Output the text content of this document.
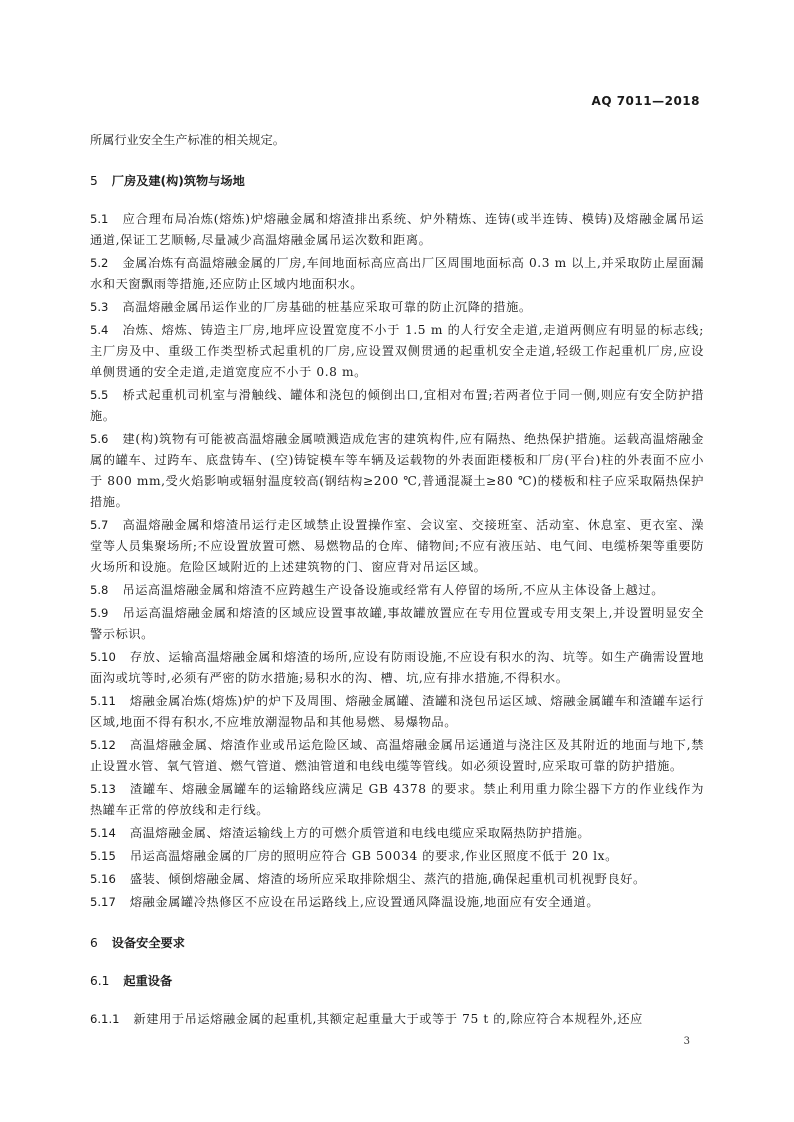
AQ 7011—2018

所属行业安全生产标准的相关规定。

5 厂房及建(构)筑物与场地

5.1 应合理布局冶炼(熔炼)炉熔融金属和熔渣排出系统、炉外精炼、连铸(或半连铸、模铸)及熔融金属吊运通道,保证工艺顺畅,尽量减少高温熔融金属吊运次数和距离。

5.2 金属冶炼有高温熔融金属的厂房,车间地面标高应高出厂区周围地面标高 0.3 m 以上,并采取防止屋面漏水和天窗飘雨等措施,还应防止区域内地面积水。

5.3 高温熔融金属吊运作业的厂房基础的桩基应采取可靠的防止沉降的措施。

5.4 冶炼、熔炼、铸造主厂房,地坪应设置宽度不小于 1.5 m 的人行安全走道,走道两侧应有明显的标志线;主厂房及中、重级工作类型桥式起重机的厂房,应设置双侧贯通的起重机安全走道,轻级工作起重机厂房,应设单侧贯通的安全走道,走道宽度应不小于 0.8 m。

5.5 桥式起重机司机室与滑触线、罐体和浇包的倾倒出口,宜相对布置;若两者位于同一侧,则应有安全防护措施。

5.6 建(构)筑物有可能被高温熔融金属喷溅造成危害的建筑构件,应有隔热、绝热保护措施。运载高温熔融金属的罐车、过跨车、底盘铸车、(空)铸锭模车等车辆及运载物的外表面距楼板和厂房(平台)柱的外表面不应小于 800 mm,受火焰影响或辐射温度较高(钢结构≥200 ℃,普通混凝土≥80 ℃)的楼板和柱子应采取隔热保护措施。

5.7 高温熔融金属和熔渣吊运行走区域禁止设置操作室、会议室、交接班室、活动室、休息室、更衣室、澡堂等人员集聚场所;不应设置放置可燃、易燃物品的仓库、储物间;不应有液压站、电气间、电缆桥架等重要防火场所和设施。危险区域附近的上述建筑物的门、窗应背对吊运区域。

5.8 吊运高温熔融金属和熔渣不应跨越生产设备设施或经常有人停留的场所,不应从主体设备上越过。

5.9 吊运高温熔融金属和熔渣的区域应设置事故罐,事故罐放置应在专用位置或专用支架上,并设置明显安全警示标识。

5.10 存放、运输高温熔融金属和熔渣的场所,应设有防雨设施,不应设有积水的沟、坑等。如生产确需设置地面沟或坑等时,必须有严密的防水措施;易积水的沟、槽、坑,应有排水措施,不得积水。

5.11 熔融金属冶炼(熔炼)炉的炉下及周围、熔融金属罐、渣罐和浇包吊运区域、熔融金属罐车和渣罐车运行区域,地面不得有积水,不应堆放潮湿物品和其他易燃、易爆物品。

5.12 高温熔融金属、熔渣作业或吊运危险区域、高温熔融金属吊运通道与浇注区及其附近的地面与地下,禁止设置水管、氧气管道、燃气管道、燃油管道和电线电缆等管线。如必须设置时,应采取可靠的防护措施。

5.13 渣罐车、熔融金属罐车的运输路线应满足 GB 4378 的要求。禁止利用重力除尘器下方的作业线作为热罐车正常的停放线和走行线。

5.14 高温熔融金属、熔渣运输线上方的可燃介质管道和电线电缆应采取隔热防护措施。

5.15 吊运高温熔融金属的厂房的照明应符合 GB 50034 的要求,作业区照度不低于 20 lx。

5.16 盛装、倾倒熔融金属、熔渣的场所应采取排除烟尘、蒸汽的措施,确保起重机司机视野良好。

5.17 熔融金属罐冷热修区不应设在吊运路线上,应设置通风降温设施,地面应有安全通道。

6 设备安全要求
6.1 起重设备

6.1.1 新建用于吊运熔融金属的起重机,其额定起重量大于或等于 75 t 的,除应符合本规程外,还应

3
